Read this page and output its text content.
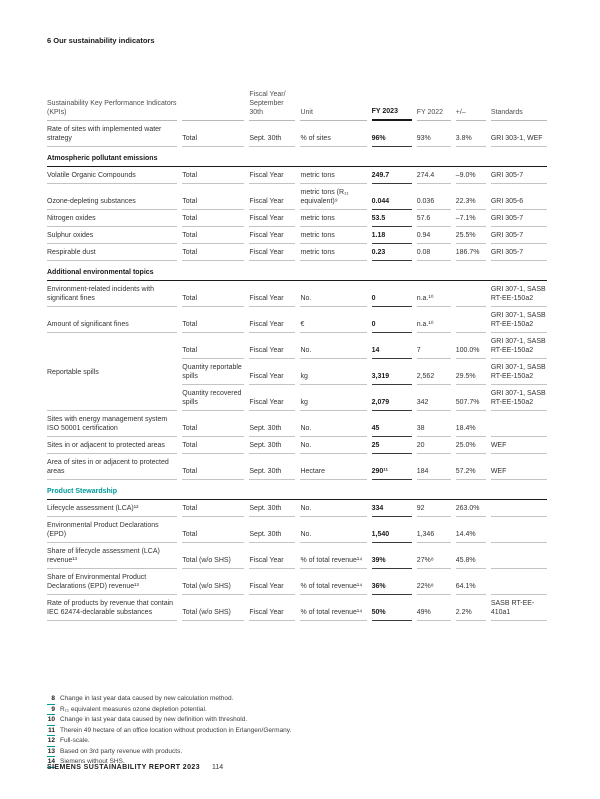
6 Our sustainability indicators
Sustainability Key Performance Indicators (KPIs)		Fiscal Year/ September 30th	Unit	FY 2023	FY 2022	+/–	Standards
Rate of sites with implemented water strategy	Total	Sept. 30th	% of sites	96%	93%	3.8%	GRI 303-1, WEF
Atmospheric pollutant emissions							
Volatile Organic Compounds	Total	Fiscal Year	metric tons	249.7	274.4	–9.0%	GRI 305-7
Ozone-depleting substances	Total	Fiscal Year	metric tons (R₁₁ equivalent)⁹	0.044	0.036	22.3%	GRI 305-6
Nitrogen oxides	Total	Fiscal Year	metric tons	53.5	57.6	–7.1%	GRI 305-7
Sulphur oxides	Total	Fiscal Year	metric tons	1.18	0.94	25.5%	GRI 305-7
Respirable dust	Total	Fiscal Year	metric tons	0.23	0.08	186.7%	GRI 305-7
Additional environmental topics							
Environment-related incidents with significant fines	Total	Fiscal Year	No.	0	n.a.¹⁰		GRI 307-1, SASB RT-EE-150a2
Amount of significant fines	Total	Fiscal Year	€	0	n.a.¹⁰		GRI 307-1, SASB RT-EE-150a2
Reportable spills	Total	Fiscal Year	No.	14	7	100.0%	GRI 307-1, SASB RT-EE-150a2
	Quantity reportable spills	Fiscal Year	kg	3,319	2,562	29.5%	GRI 307-1, SASB RT-EE-150a2
	Quantity recovered spills	Fiscal Year	kg	2,079	342	507.7%	GRI 307-1, SASB RT-EE-150a2
Sites with energy management system ISO 50001 certification	Total	Sept. 30th	No.	45	38	18.4%	
Sites in or adjacent to protected areas	Total	Sept. 30th	No.	25	20	25.0%	WEF
Area of sites in or adjacent to protected areas	Total	Sept. 30th	Hectare	290¹¹	184	57.2%	WEF
Product Stewardship							
Lifecycle assessment (LCA)¹²	Total	Sept. 30th	No.	334	92	263.0%	
Environmental Product Declarations (EPD)	Total	Sept. 30th	No.	1,540	1,346	14.4%	
Share of lifecycle assessment (LCA) revenue¹³	Total (w/o SHS)	Fiscal Year	% of total revenue¹⁴	39%	27%⁸	45.8%	
Share of Environmental Product Declarations (EPD) revenue¹³	Total (w/o SHS)	Fiscal Year	% of total revenue¹⁴	36%	22%⁸	64.1%	
Rate of products by revenue that contain IEC 62474-declarable substances	Total (w/o SHS)	Fiscal Year	% of total revenue¹⁴	50%	49%	2.2%	SASB RT-EE-410a1
8 Change in last year data caused by new calculation method.
9 R₁₁ equivalent measures ozone depletion potential.
10 Change in last year data caused by new definition with threshold.
11 Therein 49 hectare of an office location without production in Erlangen/Germany.
12 Full-scale.
13 Based on 3rd party revenue with products.
14 Siemens without SHS.
SIEMENS SUSTAINABILITY REPORT 2023 114
